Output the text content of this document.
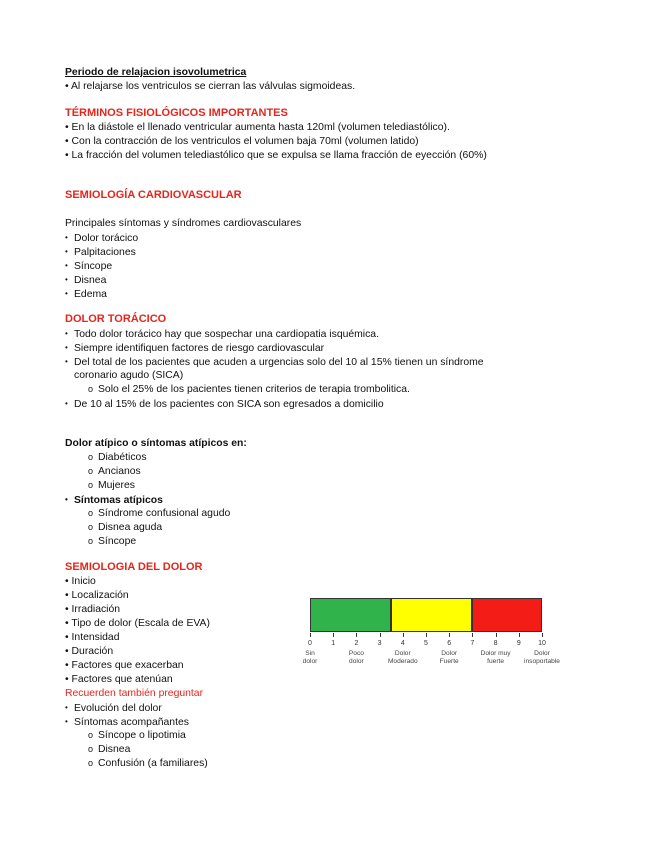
Periodo de relajacion isovolumetrica
• Al relajarse los ventriculos se cierran las válvulas sigmoideas.
TÉRMINOS FISIOLÓGICOS IMPORTANTES
• En la diástole el llenado ventricular aumenta hasta 120ml (volumen telediastólico).
• Con la contracción de los ventriculos el volumen baja 70ml (volumen latido)
• La fracción del volumen telediastólico que se expulsa se llama fracción de eyección (60%)
SEMIOLOGÍA CARDIOVASCULAR
Principales síntomas y síndromes cardiovasculares
• Dolor torácico
• Palpitaciones
• Síncope
• Disnea
• Edema
DOLOR TORÁCICO
• Todo dolor torácico hay que sospechar una cardiopatia isquémica.
• Siempre identifiquen factores de riesgo cardiovascular
• Del total de los pacientes que acuden a urgencias solo del 10 al 15% tienen un síndrome
coronario agudo (SICA)
o Solo el 25% de los pacientes tienen criterios de terapia trombolitica.
• De 10 al 15% de los pacientes con SICA son egresados a domicilio
Dolor atípico o síntomas atípicos en:
o Diabéticos
o Ancianos
o Mujeres
• Síntomas atípicos
o Síndrome confusional agudo
o Disnea aguda
o Síncope
SEMIOLOGIA DEL DOLOR
• Inicio
• Localización
• Irradiación
• Tipo de dolor (Escala de EVA)
• Intensidad
• Duración
• Factores que exacerban
• Factores que atenúan
Recuerden también preguntar
• Evolución del dolor
• Síntomas acompañantes
o Síncope o lipotimia
o Disnea
o Confusión (a familiares)
0	1	2	3	4	5	6	7	8	9	10
Sin
dolor
Poco
dolor
Dolor
Moderado
Dolor
Fuerte
Dolor muy
fuerte
Dolor
insoportable
